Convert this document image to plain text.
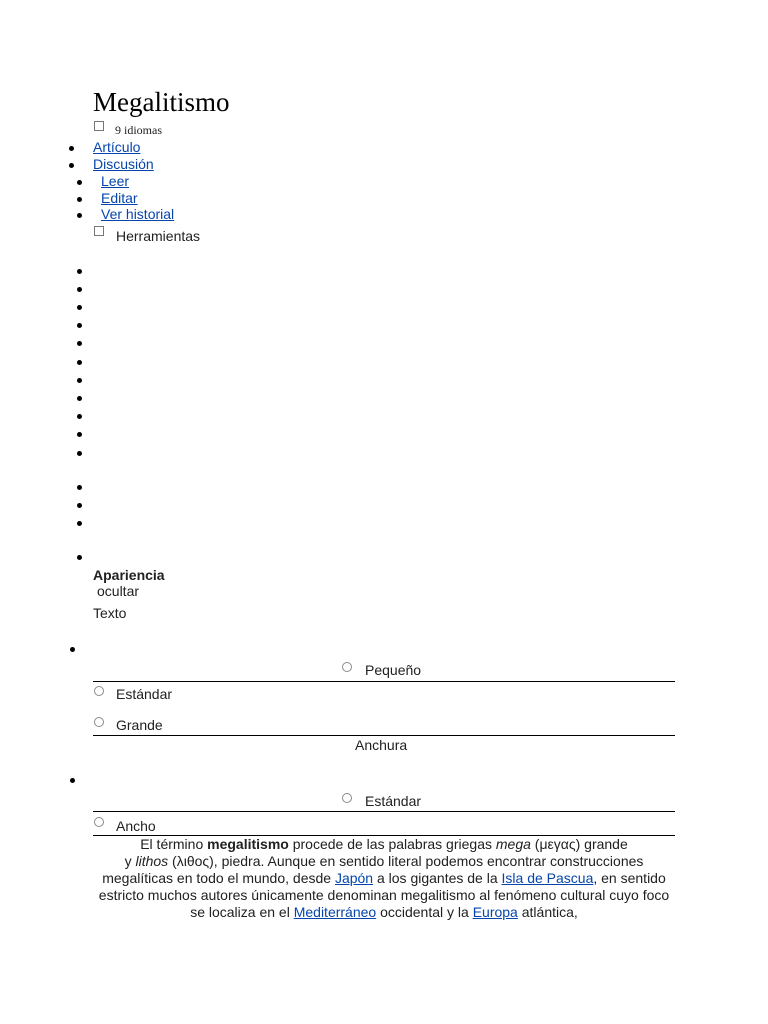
Megalitismo
9 idiomas
Artículo
Discusión
Leer
Editar
Ver historial
Herramientas
Apariencia
ocultar
Texto
Pequeño
Estándar
Grande
Anchura
Estándar
Ancho
El término megalitismo procede de las palabras griegas mega (μεγας) grande
y lithos (λιθος), piedra. Aunque en sentido literal podemos encontrar construcciones megalíticas en todo el mundo, desde Japón a los gigantes de la Isla de Pascua, en sentido estricto muchos autores únicamente denominan megalitismo al fenómeno cultural cuyo foco se localiza en el Mediterráneo occidental y la Europa atlántica,
